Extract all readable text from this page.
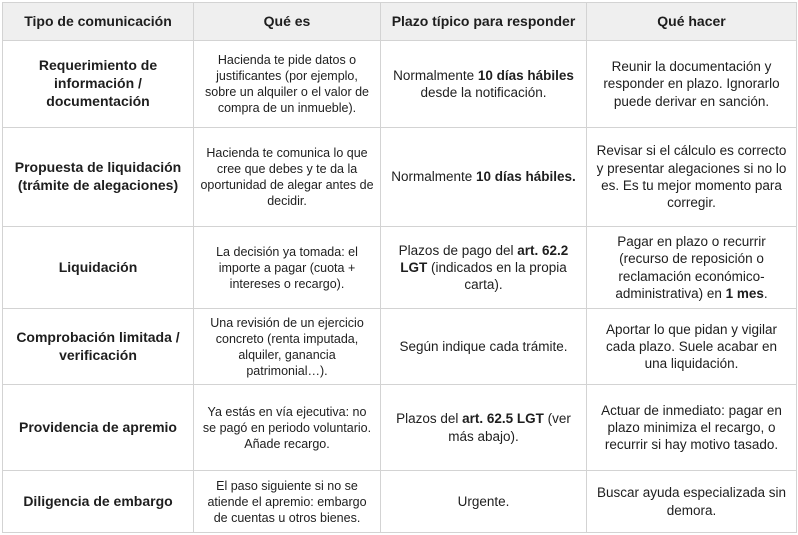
Tipo de comunicación	Qué es	Plazo típico para responder	Qué hacer
Requerimiento de información / documentación	Hacienda te pide datos o justificantes (por ejemplo, sobre un alquiler o el valor de compra de un inmueble).	Normalmente 10 días hábiles desde la notificación.	Reunir la documentación y responder en plazo. Ignorarlo puede derivar en sanción.
Propuesta de liquidación (trámite de alegaciones)	Hacienda te comunica lo que cree que debes y te da la oportunidad de alegar antes de decidir.	Normalmente 10 días hábiles.	Revisar si el cálculo es correcto y presentar alegaciones si no lo es. Es tu mejor momento para corregir.
Liquidación	La decisión ya tomada: el importe a pagar (cuota + intereses o recargo).	Plazos de pago del art. 62.2 LGT (indicados en la propia carta).	Pagar en plazo o recurrir (recurso de reposición o reclamación económico-administrativa) en 1 mes.
Comprobación limitada / verificación	Una revisión de un ejercicio concreto (renta imputada, alquiler, ganancia patrimonial…).	Según indique cada trámite.	Aportar lo que pidan y vigilar cada plazo. Suele acabar en una liquidación.
Providencia de apremio	Ya estás en vía ejecutiva: no se pagó en periodo voluntario. Añade recargo.	Plazos del art. 62.5 LGT (ver más abajo).	Actuar de inmediato: pagar en plazo minimiza el recargo, o recurrir si hay motivo tasado.
Diligencia de embargo	El paso siguiente si no se atiende el apremio: embargo de cuentas u otros bienes.	Urgente.	Buscar ayuda especializada sin demora.
